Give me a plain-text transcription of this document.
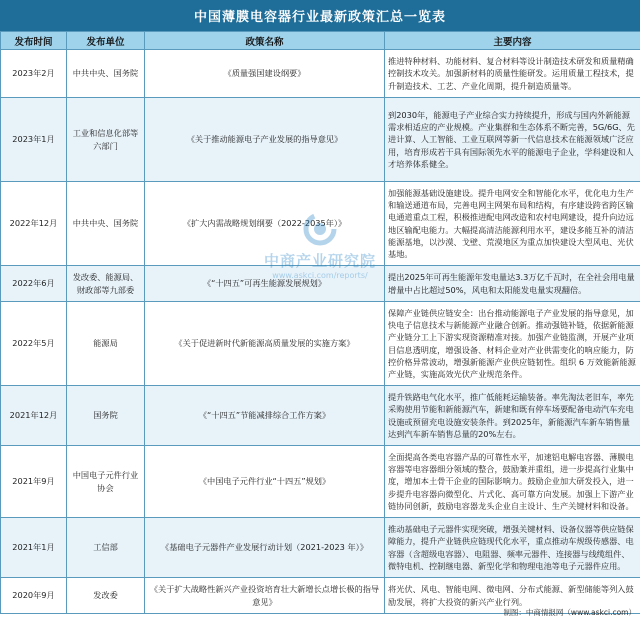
中国薄膜电容器行业最新政策汇总一览表
发布时间	发布单位	政策名称	主要内容
2023年2月	中共中央、国务院	《质量强国建设纲要》	推进特种材料、功能材料、复合材料等设计制造技术研发和质量精确控制技术攻关。加强新材料的质量性能研发。运用质量工程技术，提升制造技术、工艺、产业化周期，提升制造质量等。
2023年1月	工业和信息化部等六部门	《关于推动能源电子产业发展的指导意见》	到2030年，能源电子产业综合实力持续提升，形成与国内外新能源需求相适应的产业规模。产业集群和生态体系不断完善，5G/6G、先进计算、人工智能、工业互联网等新一代信息技术在能源领域广泛应用，培育形成若干具有国际领先水平的能源电子企业，学科建设和人才培养体系健全。
2022年12月	中共中央、国务院	《扩大内需战略规划纲要（2022-2035年）》	加强能源基础设施建设。提升电网安全和智能化水平，优化电力生产和输送通道布局，完善电网主网架布局和结构，有序建设跨省跨区输电通道重点工程，积极推进配电网改造和农村电网建设，提升向边远地区输配电能力。大幅提高清洁能源利用水平，建设多能互补的清洁能源基地，以沙漠、戈壁、荒漠地区为重点加快建设大型风电、光伏基地。
2022年6月	发改委、能源局、财政部等九部委	《“十四五”可再生能源发展规划》	提出2025年可再生能源年发电量达3.3万亿千瓦时，在全社会用电量增量中占比超过50%，风电和太阳能发电量实现翻倍。
2022年5月	能源局	《关于促进新时代新能源高质量发展的实施方案》	保障产业链供应链安全：出台推动能源电子产业发展的指导意见，加快电子信息技术与新能源产业融合创新。推动强链补链，依据新能源产业链分工上下游实现资源精准对接。加强产业链监测，开展产业项目信息透明度，增强设备、材料企业对产业供需变化的响应能力，防控价格异常波动，增强新能源产业供应链韧性。组织 6 万效能新能源产业链，实施高效光伏产业规范条件。
2021年12月	国务院	《“十四五”节能减排综合工作方案》	提升铁路电气化水平，推广低能耗运输装备。率先淘汰老旧车，率先采购使用节能和新能源汽车，新建和既有停车场要配备电动汽车充电设施或预留充电设施安装条件。到2025年，新能源汽车新车销售量达到汽车新车销售总量的20%左右。
2021年9月	中国电子元件行业协会	《中国电子元件行业“十四五”规划》	全面提高各类电容器产品的可靠性水平，加速铝电解电容器、薄膜电容器等电容器细分领域的整合，鼓励兼并重组，进一步提高行业集中度，增加本土骨干企业的国际影响力。鼓励企业加大研发投入，进一步提升电容器向微型化、片式化、高可靠方向发展。加强上下游产业链协同创新，鼓励电容器龙头企业自主设计、生产关键材料和设备。
2021年1月	工信部	《基础电子元器件产业发展行动计划（2021-2023 年）》	推动基础电子元器件实现突破，增强关键材料、设备仪器等供应链保障能力，提升产业链供应链现代化水平，重点推动车规级传感器、电容器（含超级电容器）、电阻器、频率元器件、连接器与线缆组件、微特电机、控制继电器、新型化学和物理电池等电子元器件应用。
2020年9月	发改委	《关于扩大战略性新兴产业投资培育壮大新增长点增长极的指导意见》	将光伏、风电、智能电网、微电网、分布式能源、新型储能等列入鼓励发展，将扩大投资的新兴产业行列。
中商产业研究院
www.askci.com/reports/
制图：中商情报网（www.askci.com）
